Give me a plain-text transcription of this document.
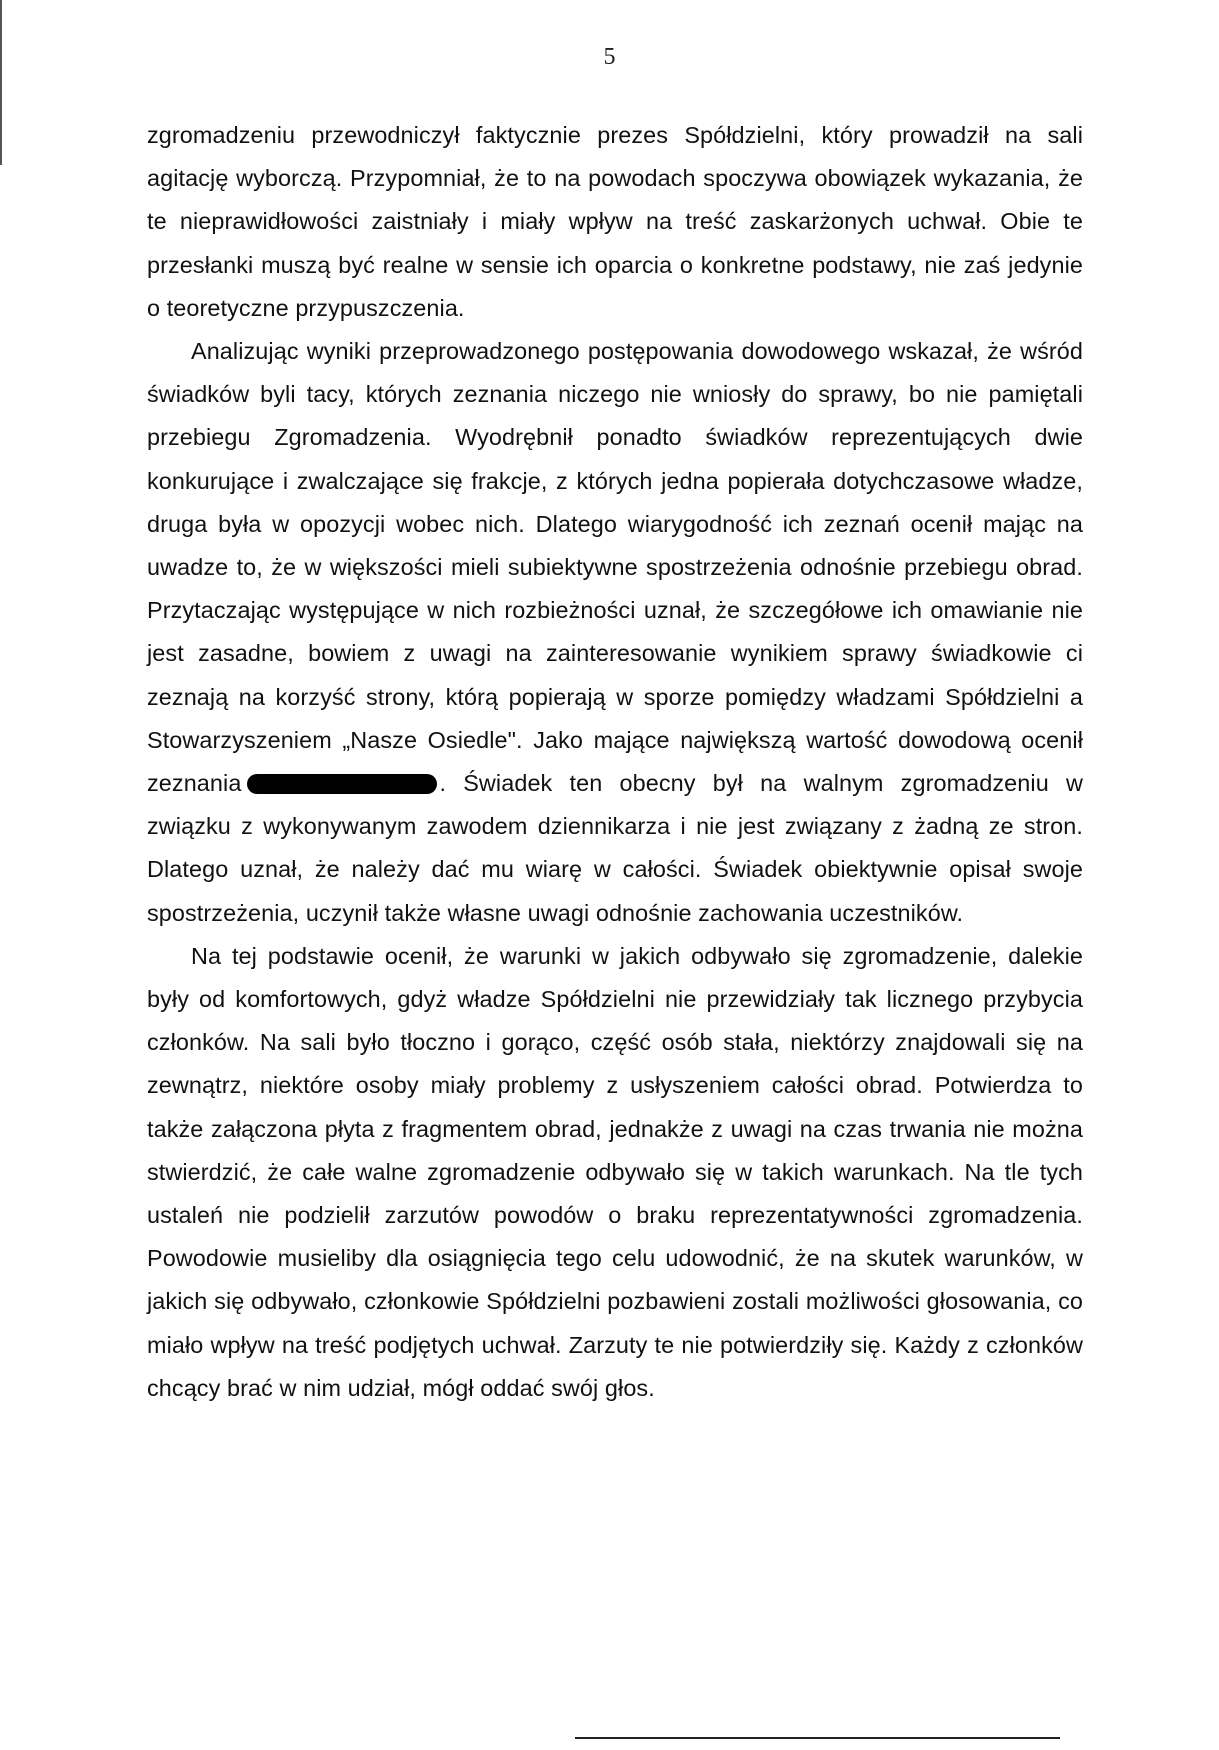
5

zgromadzeniu przewodniczył faktycznie prezes Spółdzielni, który prowadził na sali agitację wyborczą. Przypomniał, że to na powodach spoczywa obowiązek wykazania, że te nieprawidłowości zaistniały i miały wpływ na treść zaskarżonych uchwał. Obie te przesłanki muszą być realne w sensie ich oparcia o konkretne podstawy, nie zaś jedynie o teoretyczne przypuszczenia.

Analizując wyniki przeprowadzonego postępowania dowodowego wskazał, że wśród świadków byli tacy, których zeznania niczego nie wniosły do sprawy, bo nie pamiętali przebiegu Zgromadzenia. Wyodrębnił ponadto świadków reprezentujących dwie konkurujące i zwalczające się frakcje, z których jedna popierała dotychczasowe władze, druga była w opozycji wobec nich. Dlatego wiarygodność ich zeznań ocenił mając na uwadze to, że w większości mieli subiektywne spostrzeżenia odnośnie przebiegu obrad. Przytaczając występujące w nich rozbieżności uznał, że szczegółowe ich omawianie nie jest zasadne, bowiem z uwagi na zainteresowanie wynikiem sprawy świadkowie ci zeznają na korzyść strony, którą popierają w sporze pomiędzy władzami Spółdzielni a Stowarzyszeniem „Nasze Osiedle". Jako mające największą wartość dowodową ocenił zeznania	. Świadek ten obecny był na walnym zgromadzeniu w związku z wykonywanym zawodem dziennikarza i nie jest związany z żadną ze stron. Dlatego uznał, że należy dać mu wiarę w całości. Świadek obiektywnie opisał swoje spostrzeżenia, uczynił także własne uwagi odnośnie zachowania uczestników.

Na tej podstawie ocenił, że warunki w jakich odbywało się zgromadzenie, dalekie były od komfortowych, gdyż władze Spółdzielni nie przewidziały tak licznego przybycia członków. Na sali było tłoczno i gorąco, część osób stała, niektórzy znajdowali się na zewnątrz, niektóre osoby miały problemy z usłyszeniem całości obrad. Potwierdza to także załączona płyta z fragmentem obrad, jednakże z uwagi na czas trwania nie można stwierdzić, że całe walne zgromadzenie odbywało się w takich warunkach. Na tle tych ustaleń nie podzielił zarzutów powodów o braku reprezentatywności zgromadzenia. Powodowie musieliby dla osiągnięcia tego celu udowodnić, że na skutek warunków, w jakich się odbywało, członkowie Spółdzielni pozbawieni zostali możliwości głosowania, co miało wpływ na treść podjętych uchwał. Zarzuty te nie potwierdziły się. Każdy z członków chcący brać w nim udział, mógł oddać swój głos.
